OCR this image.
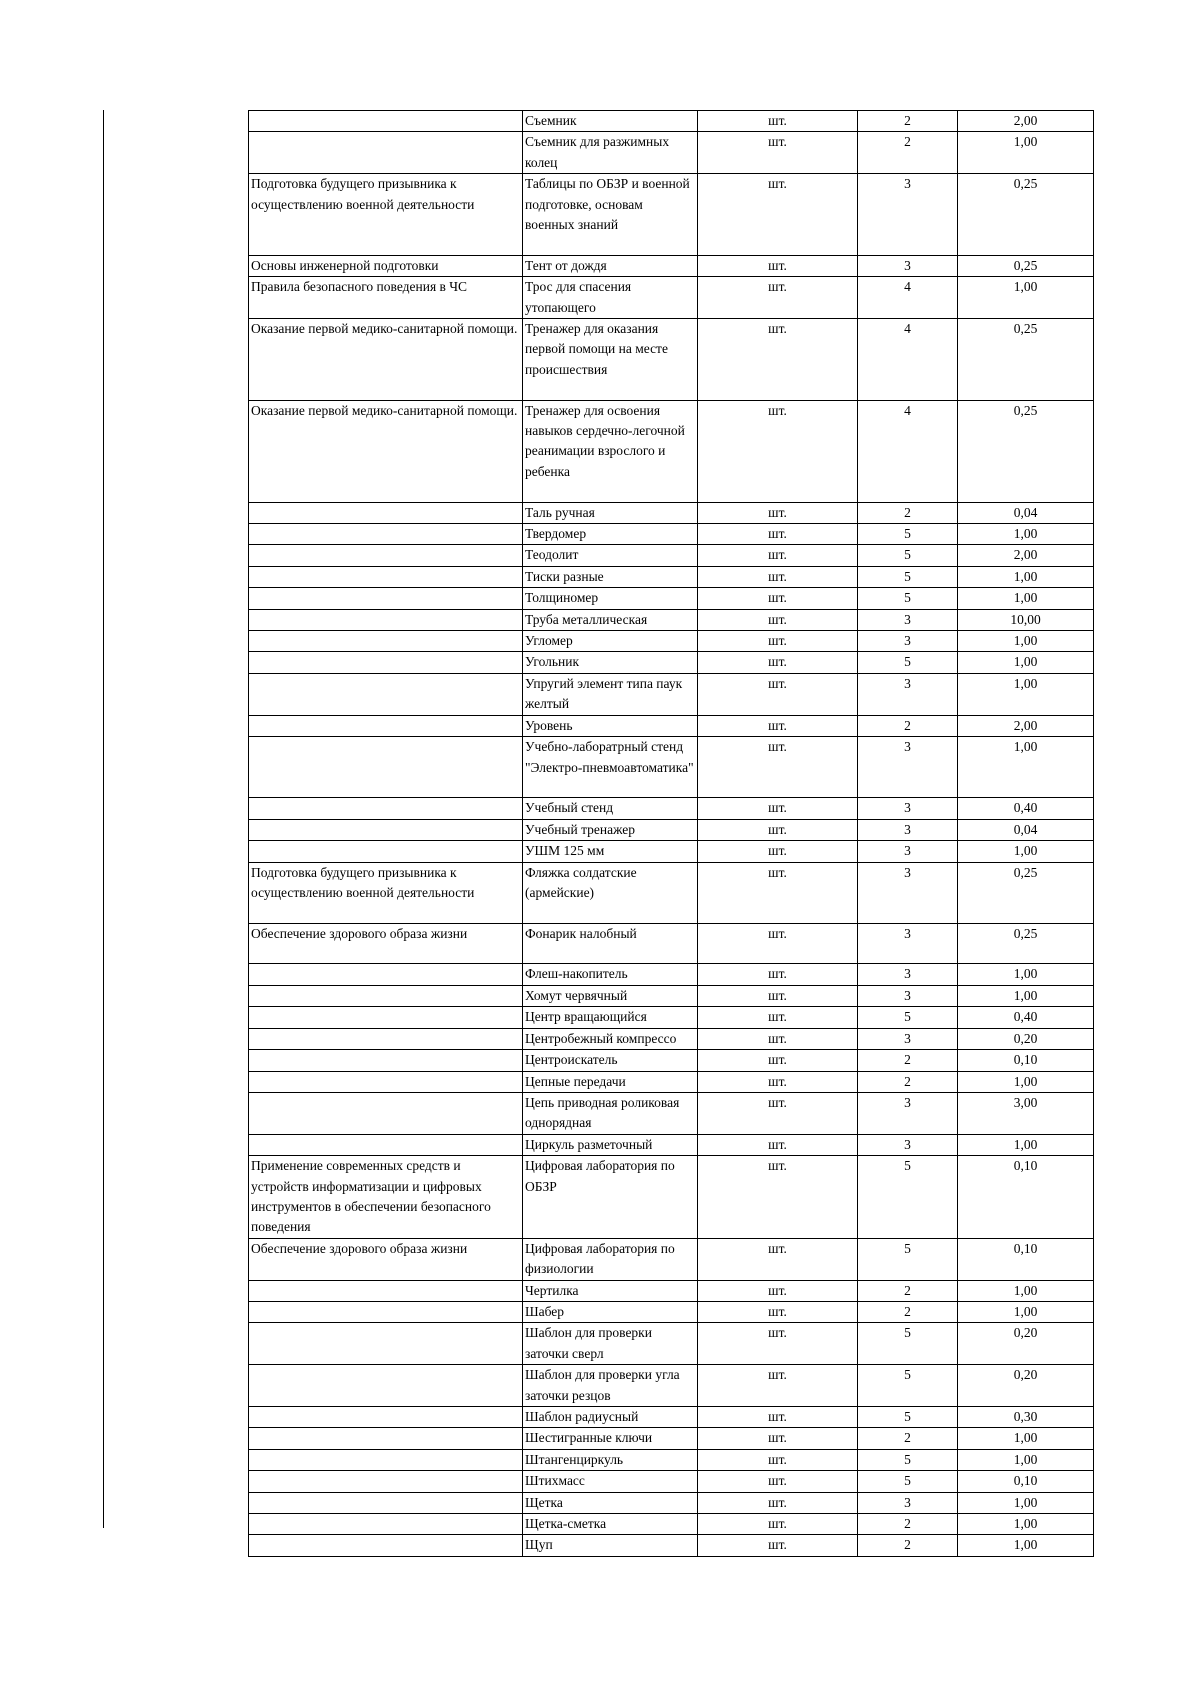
	Съемник	шт.	2	2,00
	Съемник для разжимных колец	шт.	2	1,00
Подготовка будущего призывника к осуществлению военной деятельности	Таблицы по ОБЗР и военной подготовке, основам военных знаний	шт.	3	0,25
Основы инженерной подготовки	Тент от дождя	шт.	3	0,25
Правила безопасного поведения в ЧС	Трос для спасения утопающего	шт.	4	1,00
Оказание первой медико-санитарной помощи.	Тренажер для оказания первой помощи на месте происшествия	шт.	4	0,25
Оказание первой медико-санитарной помощи.	Тренажер для освоения навыков сердечно-легочной реанимации взрослого и ребенка	шт.	4	0,25
	Таль ручная	шт.	2	0,04
	Твердомер	шт.	5	1,00
	Теодолит	шт.	5	2,00
	Тиски разные	шт.	5	1,00
	Толщиномер	шт.	5	1,00
	Труба металлическая	шт.	3	10,00
	Угломер	шт.	3	1,00
	Угольник	шт.	5	1,00
	Упругий элемент типа паук желтый	шт.	3	1,00
	Уровень	шт.	2	2,00
	Учебно-лабоpатрный стенд "Электро-пневмоавтоматика"	шт.	3	1,00
	Учебный стенд	шт.	3	0,40
	Учебный тренажер	шт.	3	0,04
	УШМ 125 мм	шт.	3	1,00
Подготовка будущего призывника к осуществлению военной деятельности	Фляжка солдатские (армейские)	шт.	3	0,25
Обеспечение здорового образа жизни	Фонарик налобный	шт.	3	0,25
	Флеш-накопитель	шт.	3	1,00
	Хомут червячный	шт.	3	1,00
	Центр вращающийся	шт.	5	0,40
	Центробежный компрессо	шт.	3	0,20
	Центроискатель	шт.	2	0,10
	Цепные передачи	шт.	2	1,00
	Цепь приводная роликовая однорядная	шт.	3	3,00
	Циркуль разметочный	шт.	3	1,00
Применение современных средств и устройств информатизации и цифровых инструментов в обеспечении безопасного поведения	Цифровая лаборатория по ОБЗР	шт.	5	0,10
Обеспечение здорового образа жизни	Цифровая лаборатория по физиологии	шт.	5	0,10
	Чертилка	шт.	2	1,00
	Шабер	шт.	2	1,00
	Шаблон для проверки заточки сверл	шт.	5	0,20
	Шаблон для проверки угла заточки резцов	шт.	5	0,20
	Шаблон радиусный	шт.	5	0,30
	Шестигранные ключи	шт.	2	1,00
	Штангенциркуль	шт.	5	1,00
	Штихмасс	шт.	5	0,10
	Щетка	шт.	3	1,00
	Щетка-сметка	шт.	2	1,00
	Щуп	шт.	2	1,00
